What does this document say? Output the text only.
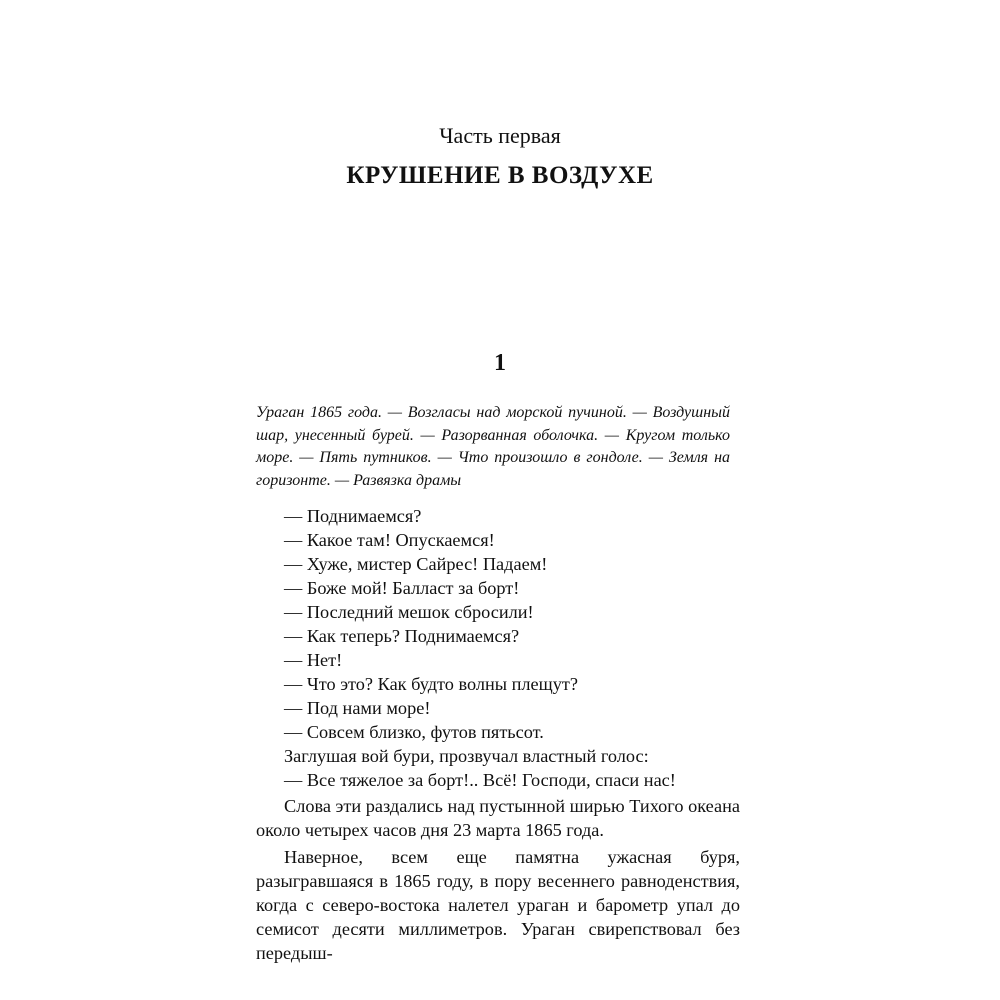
Часть первая
КРУШЕНИЕ В ВОЗДУХЕ
1
Ураган 1865 года. — Возгласы над морской пучиной. — Воздушный шар, унесенный бурей. — Разорванная оболочка. — Кругом только море. — Пять путников. — Что произошло в гондоле. — Земля на горизонте. — Развязка драмы
— Поднимаемся?
— Какое там! Опускаемся!
— Хуже, мистер Сайрес! Падаем!
— Боже мой! Балласт за борт!
— Последний мешок сбросили!
— Как теперь? Поднимаемся?
— Нет!
— Что это? Как будто волны плещут?
— Под нами море!
— Совсем близко, футов пятьсот.
Заглушая вой бури, прозвучал властный голос:
— Все тяжелое за борт!.. Всё! Господи, спаси нас!
Слова эти раздались над пустынной ширью Тихого океана около четырех часов дня 23 марта 1865 года.
Наверное, всем еще памятна ужасная буря, разыгравшаяся в 1865 году, в пору весеннего равноденствия, когда с северо-востока налетел ураган и барометр упал до семисот десяти миллиметров. Ураган свирепствовал без передыш-
